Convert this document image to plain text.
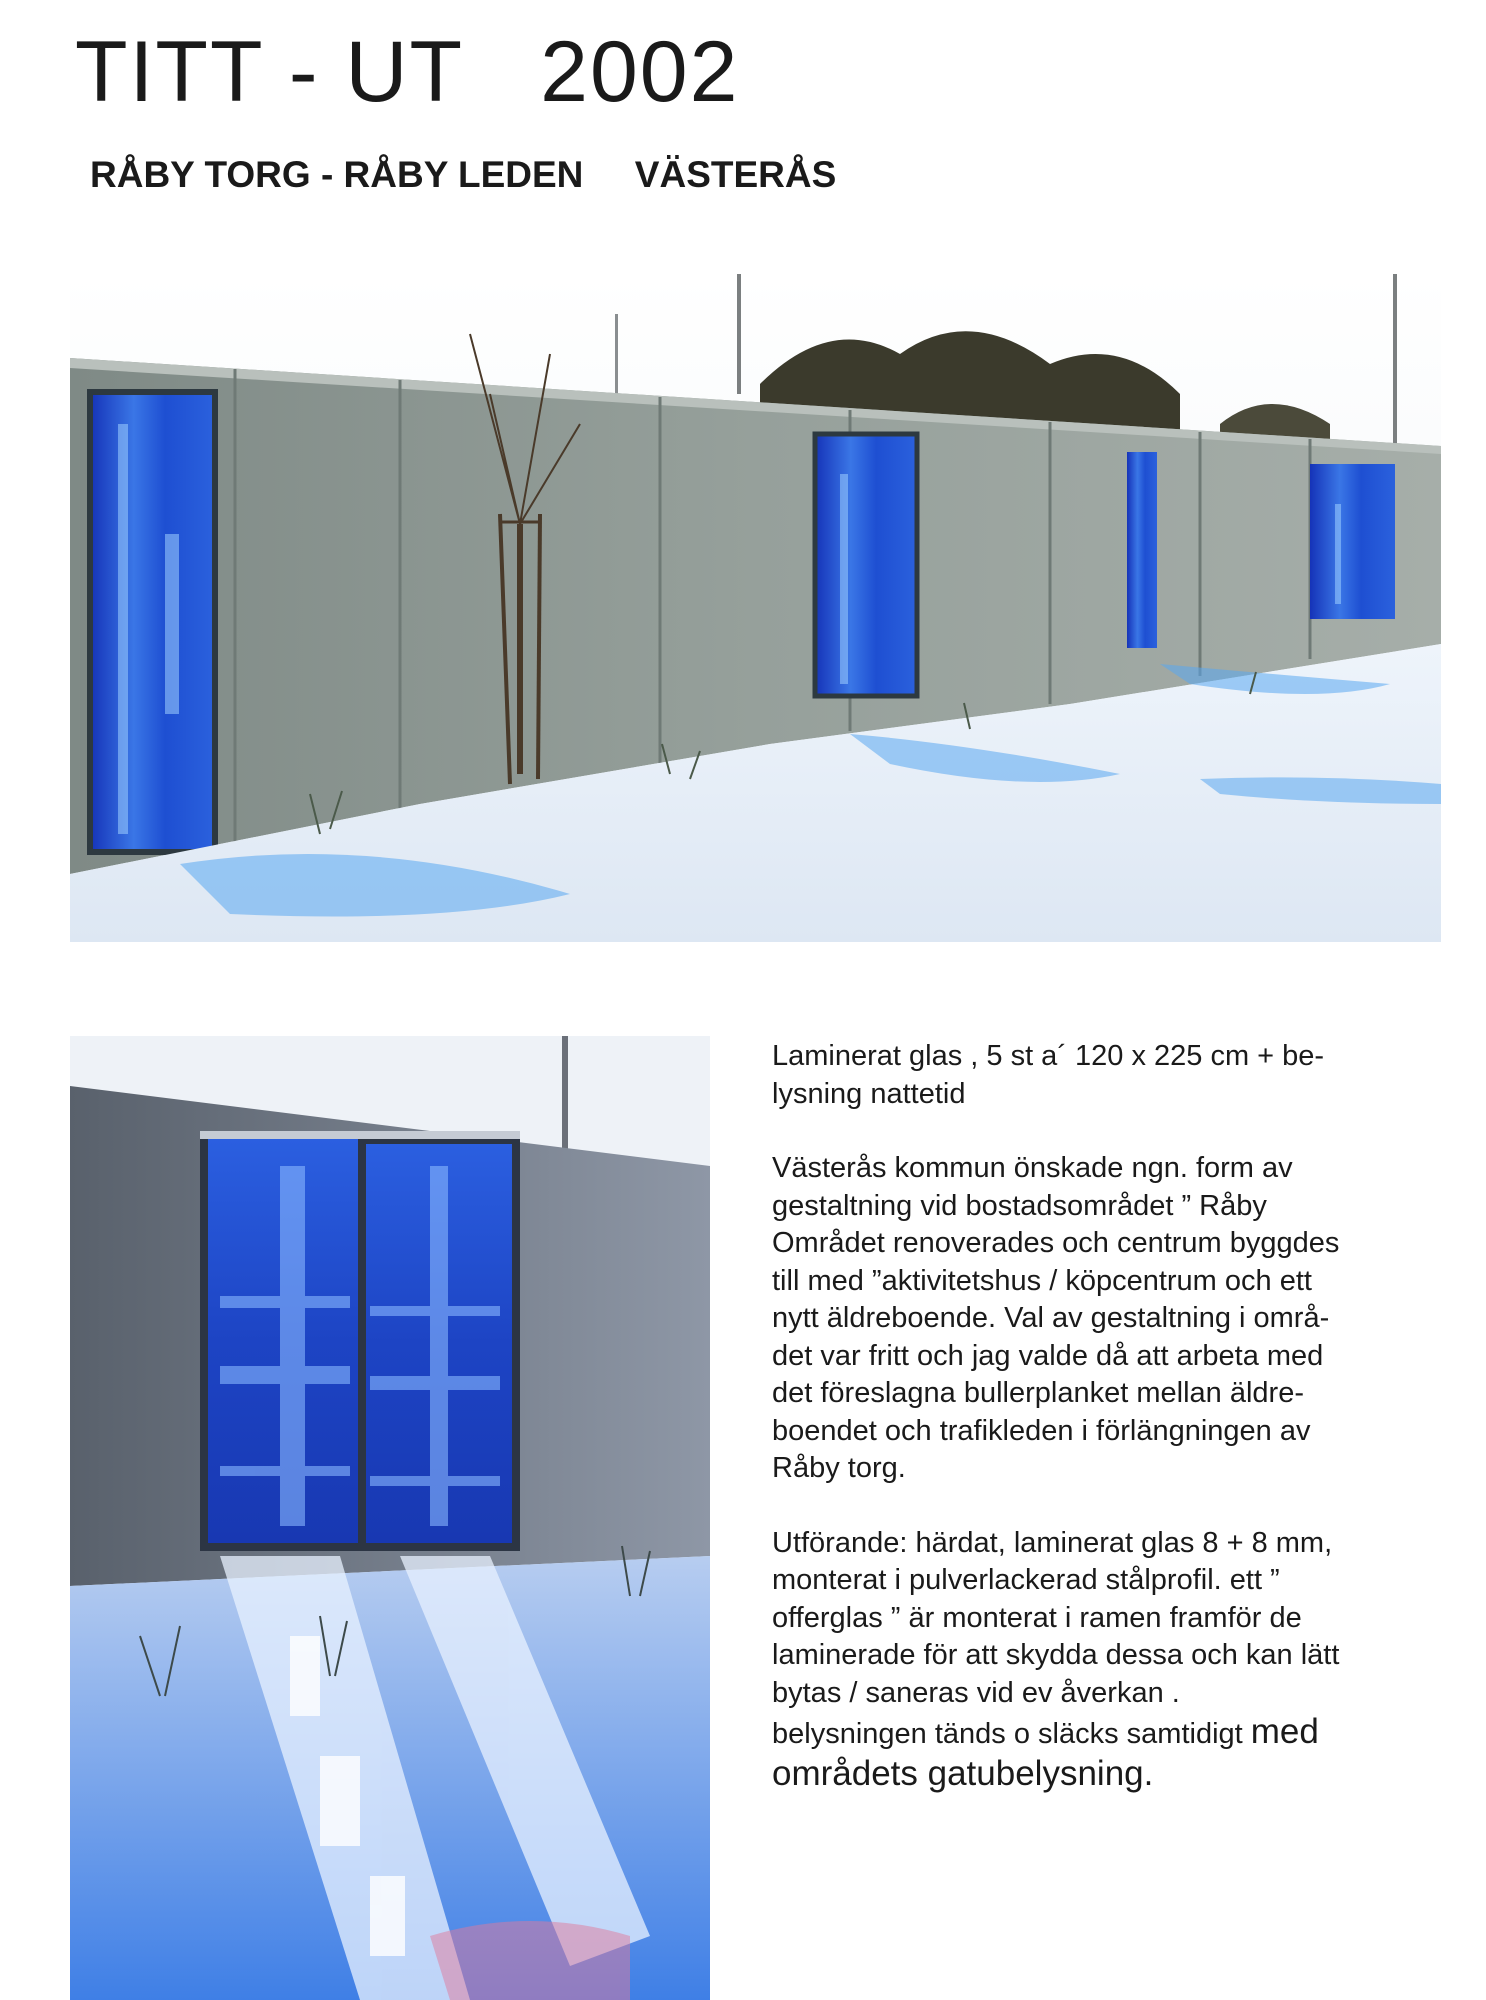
TITT - UT   2002
RÅBY TORG - RÅBY LEDEN     VÄSTERÅS

Laminerat glas , 5 st a´ 120 x 225 cm + be-
lysning nattetid

Västerås kommun önskade ngn. form av
gestaltning vid bostadsområdet ” Råby
Området renoverades och centrum byggdes
till med ”aktivitetshus / köpcentrum och ett
nytt äldreboende. Val av gestaltning i områ-
det var fritt och jag valde då att arbeta med
det föreslagna bullerplanket mellan äldre-
boendet och trafikleden i förlängningen av
Råby torg.

Utförande: härdat, laminerat glas 8 + 8 mm,
monterat i pulverlackerad stålprofil. ett ”
offerglas ” är monterat i ramen framför de
laminerade för att skydda dessa och kan lätt
bytas / saneras vid ev åverkan .

belysningen tänds o släcks samtidigt med

områdets gatubelysning.
